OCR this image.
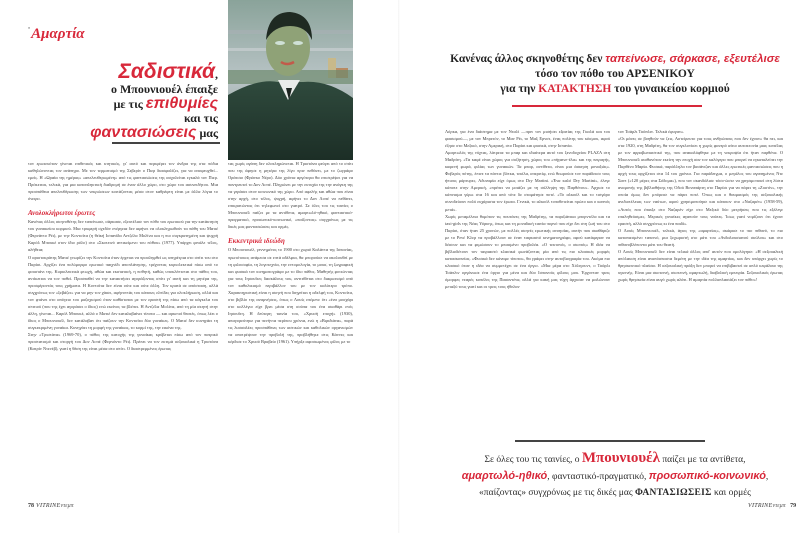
•Αμαρτία
Σαδιστικά,
ο Μπουνιουέλ έπαιξε
με τις επιθυμίες
και τις
φαντασιώσεις μας

τον ερωτευόταν γίνεται επιθετικός και κτητικός, γι' αυτό και περιφέρει τον άνδρα της στα πόδια καθηλώνοντας τον ανάπηρο. Με τον τερματισμό της Σεβερίν ο Πιερ διασφαλίζει, για να αποφευχθεί... εμείς. Η «Ωραία της ημέρας» «απελευθερωμένη» από τις φαντασιώσεις της ασχολείται εγκαλά τον Πιερ. Πρόκειται, τελικά, για μια καταπληκτική διαδρομή σε έναν άλλο χώρο, στο χώρο του ασυνειδήτου. Μια προσπάθεια απελευθέρωσης των νεκρώσεων κοιτάζοντας μέσα στον καθρέφτη είναι με άλλα λόγια το όνειρο.

Ανολοκλήρωτοι έρωτες

Κανένας άλλος σκηνοθέτης δεν ταπείνωσε, σάρκασε, εξευτέλισε τον πόθο του ερωτικού για την κατάκτηση του γυναικείου κορμιού. Μια τρυφερή σχεδόν ενέργεια δεν αφήνει να ολοκληρωθούν τα πάθη του Ματιέ (Φερνάντο Ρέι), με την Κοντσίτα (η θεϊκή Ισπανίδα Αντζέλα Μολίνα και η πιο συγκρατημένη και ψυχρή Καρόλ Μπουκέ στον ίδιο ρόλο) στο «Σκοτεινό αντικείμενο του πόθου» (1977). Υπάρχει φινάλε τέλος, αλήθεια;

Ο αριστοκράτης Ματιέ γνωρίζει την Κοντσίτα όταν έρχεται να προσληφθεί ως υπηρέτρια στο σπίτι του στο Παρίσι. Αρχίζει ένα πολύμορφο ερωτικό παιχνίδι αποπλάνησης, τρέχοντας κυριολεκτικά πίσω από το φουστάνι της. Κυριολεκτικά φτωχή, αθώα και εκστατική, η ποθητή, καθώς υποκλέπτεται στο πάθος του, αντίκειται να τον ποθεί. Προσπαθεί να την κατακτήσει αγοράζοντας σπίτι γι' αυτή και τη μητέρα της, προσφέροντάς τους χρήματα. Η Κοντσίτα δεν είναι ούτε και ούτε άλλη. Τον κρατά σε απόσταση, αλλά συγχρόνως τον «ξεβάζει» για να μην τον χάσει, αφήνοντάς του κάποιες ελπίδες για ολοκλήρωση, αλλά και τον φτάνει στο απόγειο του μαζοχισμού όταν καθίσταται με τον εραστή της πίσω από τα κάγκελα του σπιτιού (που της έχει αγοράσει ο ίδιος) ενώ εκείνος τα βλέπει. Η Αντζέλα Μολίνα, από τη μία σκηνή στην άλλη, γίνεται... Καρόλ Μπουκέ, αλλά ο Ματιέ δεν καταλαβαίνει τίποτα — και αρκετοί θεατές, όπως λέει ο ίδιος ο Μπουνιουέλ, δεν κατάλαβαν ότι παίζουν την Κοντσίτα δύο γυναίκες. Ο Ματιέ δεν κυνηγάει τη συγκεκριμένη γυναίκα. Κυνηγάει τη μορφή της γυναίκας, το κορμί της, την εικόνα της.

Στην «Τριστάνα» (1969-70), ο πόθος της κατοχής της γυναίκας κρύβεται πίσω από τον πατρικό προστατισμό και στοργή του Δον Λοπέ (Φερνάντο Ρέι). Πρέπει να τον εκτιμά σεξουαλικά η Τριστάνα (Κατρίν Ντενέβ), γιατί η θέση της είναι μέσα στο σπίτι. Ο διαστρεμμένος έρωτας

τας χωρίς αγάπη δεν ολοκληρώνεται. Η Τριστάνα φεύγει από το σπίτι που της άφησε η μητέρα της λίγο πριν πεθάνει, με το ζωγράφο Οράτσιο (Φράνκο Νέρο). Δύο χρόνια αργότερα θα επιστρέψει για να παντρευτεί το Δον Λοπέ. Πληρώνει με την ευτυχία της την ανάγκη της να γεράσει στον κοινωνικό της χώρο. Από αφελής και αθώα που είναι στην αρχή, στο τέλος, ψυχρή, αφήνει το Δον Λοπέ να πεθάνει, επικρατώντας ότι τηλεφωνεί στο γιατρό. Σε όλες του τις ταινίες ο Μπουνιουέλ παίζει με τα αντίθετα, αμαρτωλό-ηθικό, φανταστικό-πραγματικό, προσωπικό-κοινωνικό, «παίζοντας» συγχρόνως με τις δικές μας φαντασιώσεις και ορμές.

Εκκεντρικά ιδεώδη

Ο Μπουνιουέλ, γεννημένος το 1900 στο χωριό Καλάντα της Ισπανίας, πρωτότοκος ανάμεσα σε επτά αδέλφια, θα μπορούσε να ακολουθεί με τη φιλοσοφία, τη λογοτεχνία, την εντομολογία, το μουσ, τη ζωγραφική και φυσικά τον κινηματογράφο με το ίδιο πάθος. Μαθητής φοιτώντας για τους Ιησουΐτες δασκάλους του, αντιτίθεται στο διαφωτισμό από τον καθολικισμό περιβάλλον του με τον καλύτερο τρόπο. Χαρακτηριστική είναι η σκηνή που διηγείται η αδελφή του, Κοντσίτα, στο βιβλίο της αναμνήσεις, όπως ο Λουίς επέμενε ότι «ένα μοσχάρι στο κολλέγιο είχε βρει μέσα στη σούπα του ένα σκαθάρι ενός Ιησουΐτη. Η δεύτερη ταινία του, «Χρυσή εποχή» (1930), απαγορεύτηκε για πενήντα περίπου χρόνια, ενώ η «Βιριδιάνα», παρά τις λυσσαλέες προσπάθειες των αστικών και καθολικών οργανισμών να αποτρέψουν την προβολή της, προβλήθηκε στις Κάννες και κέρδισε το Χρυσό Βραβείο (1961). Υπήρξε αφοσιωμένος φίλος με το

78 VITRINEντεμπ
Κανένας άλλος σκηνοθέτης δεν ταπείνωσε, σάρκασε, εξευτέλισε
τόσο τον πόθο του ΑΡΣΕΝΙΚΟΥ
για την ΚΑΤΑΚΤΗΣΗ του γυναικείου κορμιού

Λόρκα, για ένα διάστημα με τον Νταλί —πριν τον μισήσει εξαιτίας της Γκαλά και του φασισμού—, με τον Μπρετόν, το Μαν Ρέι, το Μαξ Ερνστ, ένας πολίτης του κόσμου, αφού έζησε στο Μεξικό, στην Αμερική, στο Παρίσι και φυσικά, στην Ισπανία.

Αμαρτωλός της νύχτας, λάτρευε τα μπαρ και ιδιαίτερα αυτό του ξενοδοχείου PLAZA στη Μαδρίτη. «Τα καφέ είναι χώρος για συζήτηση, χώρος του «πήγαινε-έλα» και της πειραγής, καφενή φωρά, φιλίας των γυναικών. Τα μπαρ, αντίθετα, είναι μια άσκηση μοναξιάς». Φοβερός πότης, έπινε τα πάντα: βότκα, τεκίλα, απεριτίφ, ενώ θεωρούσε τον παράδεισο τους ήπιους μάρτυρες. Αδυναμία είχε όμως στο Dry Martini. «Ένα καλό Dry Martini», έλεγε κάποτε στην Αμερική, «πρέπει να μοιάζει με τη σύλληψη της Παρθένου». Άρχισε το κάπνισμα γύρω στα 16 και από τότε δε σταμάτησε ποτέ. «Το αλκοόλ και το τσιγάρο συνοδεύουν πολύ ευχάριστα τον έρωτα. Γενικά, το αλκοόλ τοποθετείται πρώτο και ο καπνός μετά».

Χωρίς μεταμέλεια θυμόταν τις πουτάνες της Μαδρίτης, τα παριζιάνικα μπορντέλα και τα taxi-girls της Νέας Υόρκης, όπως και τη μοναδική ταινία πορνό που είχε δει στη ζωή του στο Παρίσι, όταν ήταν 25 χρονών, με πολλές σκηνές ερωτικής ανοησίας, αυτήν που σκαθάριζε με το Ρενέ Κλερ να προβάλλουν σε έναν ταιριαστό κινηματογράφο, αφού κατάφεραν να δέσουν και να φιμώσουν το μπασμένο προβολέα. «Ο τεκτονός, ο σκοπός» Η ιδέα να βιβλιοδέτουν τον ταιριαστό κλασικά φωνάζοντας μία από τις πιο κλασικές μορφές κατασκοπείας. «Φυσικά δεν κάναμε τίποτα», θα γράφει στην αυτοβιογραφία του. Ακόμα πιο κλασικό όταν η ιδέα να συμμετέχει σε ένα όργιο. «Μια μέρα στο Χόλιγουντ, ο Τσάρλι Τσάπλιν οργάνωσε ένα όργιο για μένα και δύο Ισπανούς φίλους μου. Έρχονταν τρεις όμορφες νεαρές κοπέλες της Πασαντένα, αλλά για κακή μας τύχη άρχισαν να μαλώνουν μεταξύ τους γιατί και οι τρεις τους ήθελαν

τον Τσάρλι Τσάπλιν. Τελικά έφυγαν».

«Οι μάνες σε βοηθούν να ζεις. Αστείρευτο για τους ανθρώπους που δεν έχουν» θα πει, και στα 1920, στη Μαδρίτη, θα τον συγκλονίσει η χωρίς φανερό αίτιο αυτοκτονία μιας κοπέλας με τον αρραβωνιαστικό της, που ανακαλύφθηκε με τη νεκροψία ότι ήταν παρθένα. Ο Μπουνιουέλ αισθανόταν εκείνη την εποχή σαν τον καλόγερο που μπορεί να εγκαταλείπει την Παρθένο Μαρία. Φυσικά, παράλληλα τον βασάνιζαν και άλλες ερωτικές φαντασιώσεις που η αρχή τους αρχίζεται στα 14 του χρόνια. Για παράδειγμα, ο μεγάλος του αγαπημένος Ντε Σαντ («120 μέρες στα Σόδομα»), που τον σκανδάλισε τόσο-ώστε να χρησιμοποιεί στη λίστα αναμονής της βιβλιοθήκης της Οδού Βοναπάρτη στο Παρίσι για να πάρει τη «Ζυστίν», την οποία όμως δεν μπόρεσε να πάρει ποτέ. Όπως και ο θαυμασμός της σεξουαλικής ανιδιοτέλειας των ναύτων, αφού χρησιμοποίησε και κάποιον στο «Ναζαρέν» (1958-59), «Αυτός που έπαιξε στο Ναζαρέν είχε στο Μεξικό δύο μετρήσεις που τις εξέλεγε επαληθεύσιμες. Μερικές γυναίκες αγαπούν τους ναύτες. Ίσως γιατί νομίζουν ότι έχουν εραστή, αλλά συγχρόνως κι ένα παιδί».

Ο Λουίς Μπουνιουέλ, τελικά, άγιος της «αμαρτίας», σκάφισε το πιο πιθανό, το πιο καταπιεσμένο ταπεινό, μια ξεχωριστή στο μάτι του «Ανδαλουσιανού σκύλου» και στο πιθανοβλέποντα μάτι του θεατή.

Ο Λουίς Μπουνιουέλ δεν είναι τελικά άλλος από' αυτόν που ομολόγησε: «Η σεξουαλική απόλαυση είναι αναπόσπαστα δεμένη με την ιδέα της αμαρτίας, και δεν υπάρχει χωρίς το θρησκευτικό πλαίσιο. Η σεξουαλική πράξη δεν μπορεί να επιβιβαστεί σε απλό κεφάλαιο της υγιεινής. Είναι μια σκοτεινή, σκοτεινή, αμαρτωλή, διαβολική εμπειρία. Σεξουαλικός έρωτας χωρίς θρησκεία είναι αυγό χωρίς αλάτι. Η αμαρτία πολλαπλασιάζει τον πόθο»!

Σε όλες του τις ταινίες, ο Μπουνιουέλ παίζει με τα αντίθετα,
αμαρτωλό-ηθικό, φανταστικό-πραγματικό, προσωπικό-κοινωνικό,
«παίζοντας» συγχρόνως με τις δικές μας ΦΑΝΤΑΣΙΩΣΕΙΣ και ορμές
VITRINEντεμπ 79
